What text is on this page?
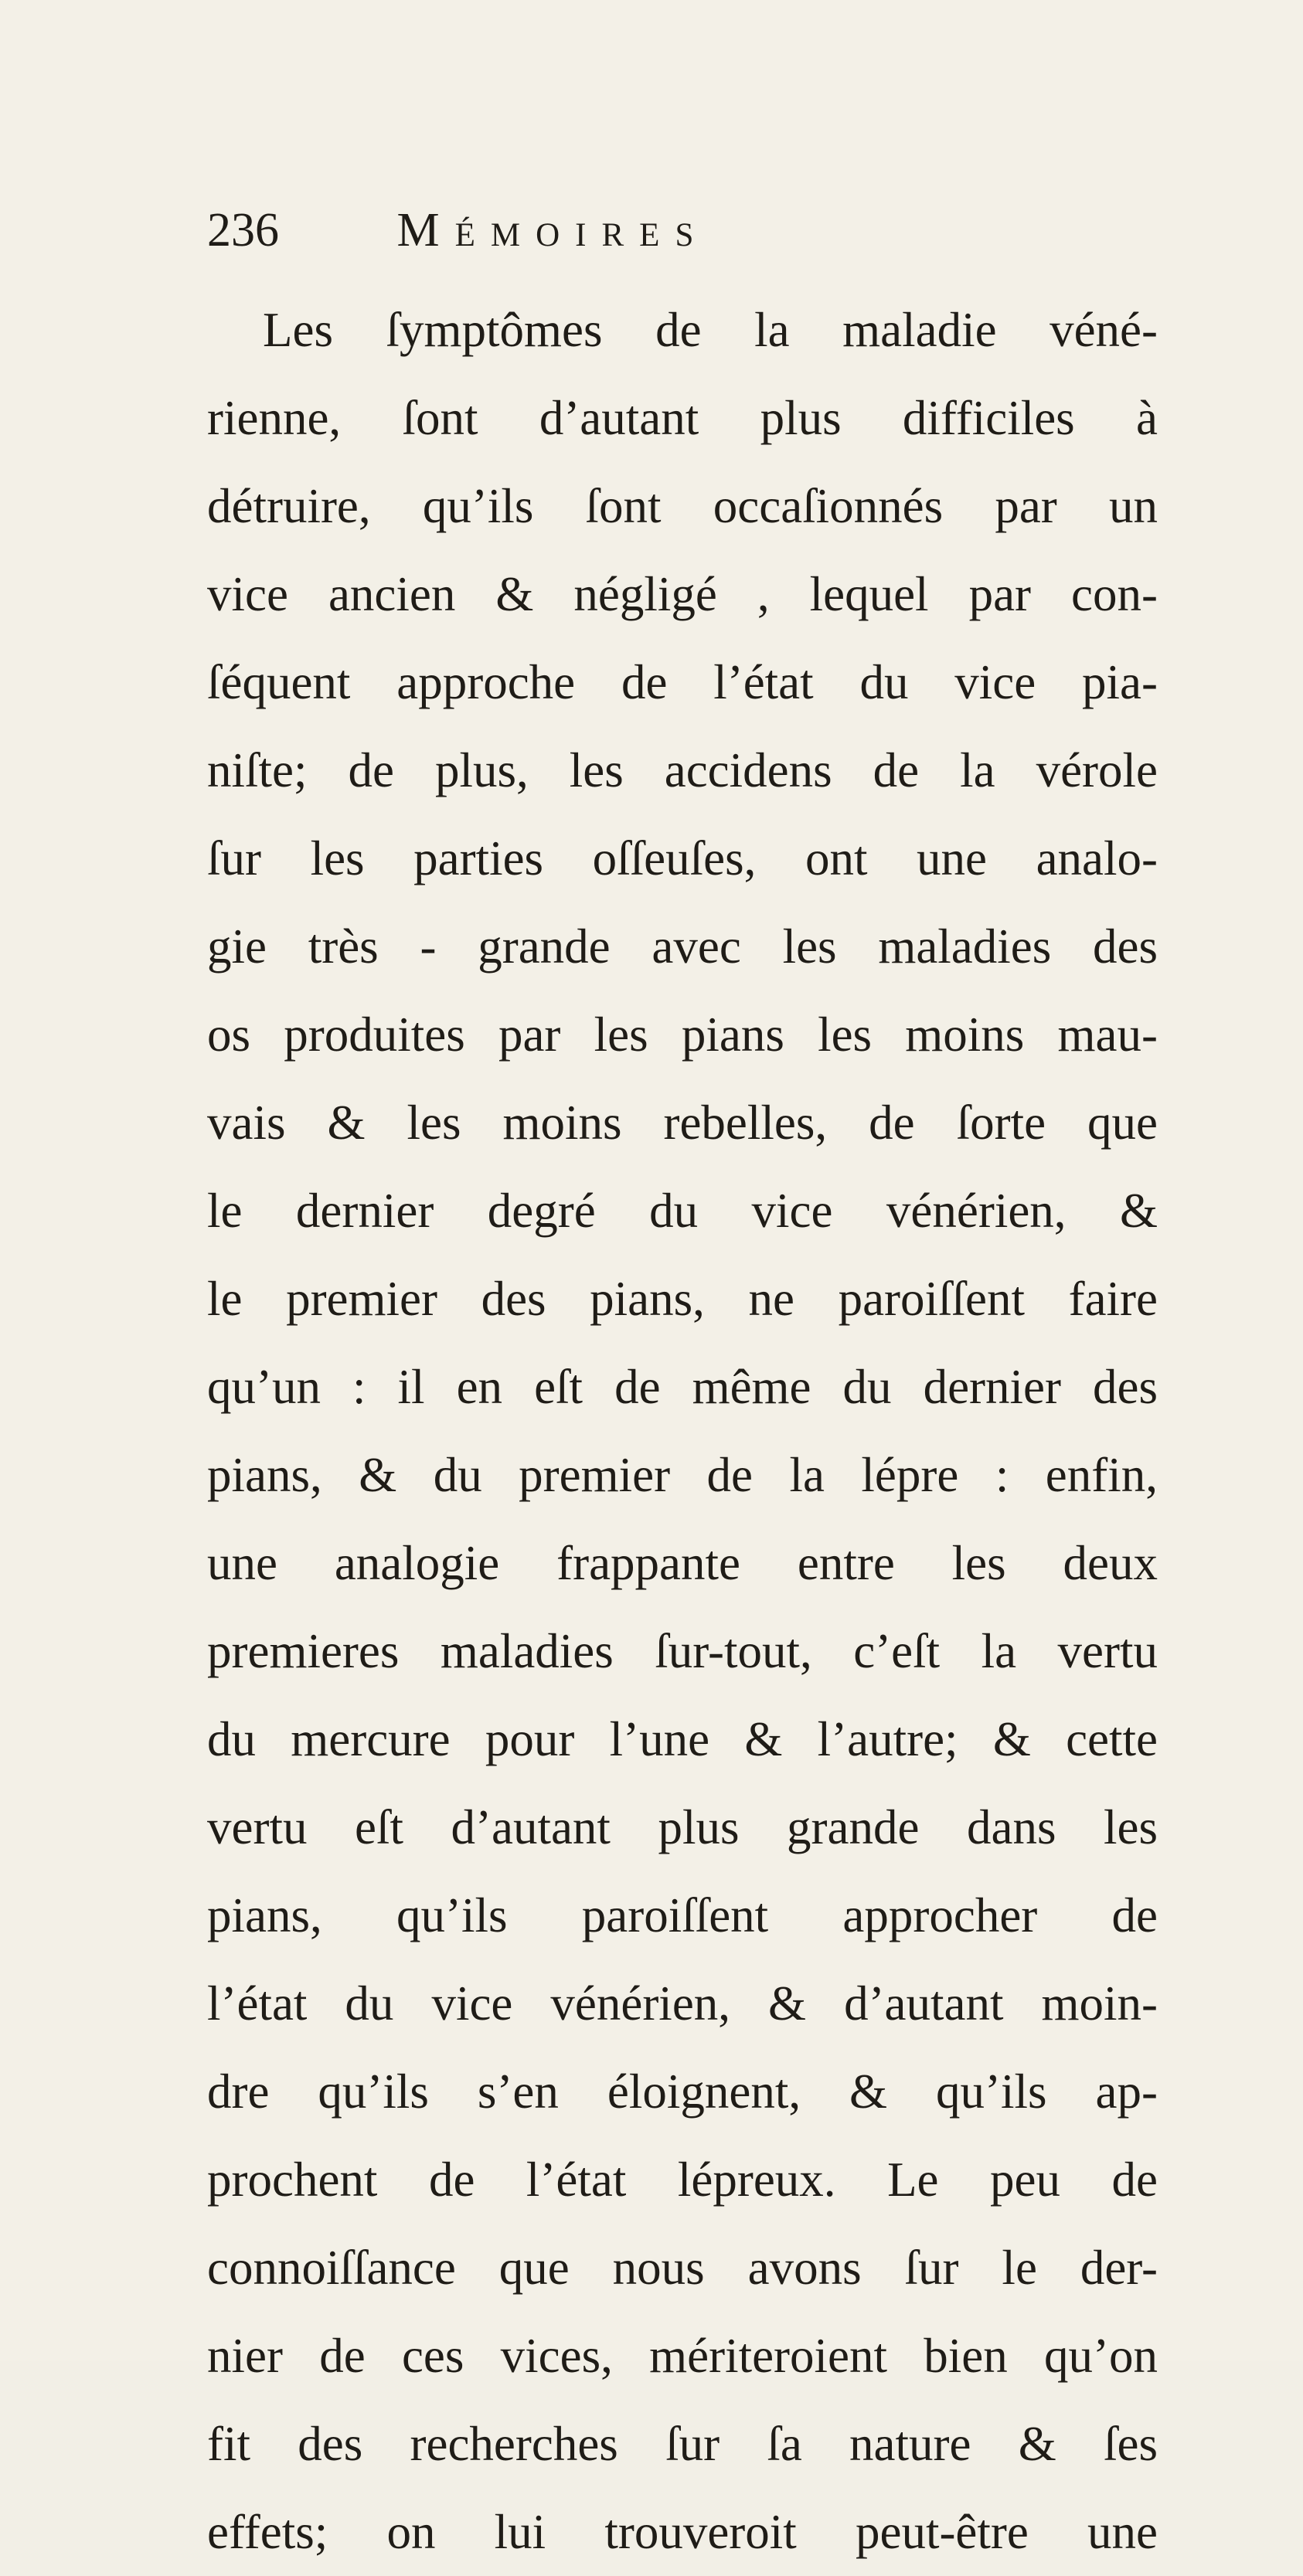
236 Mémoires
Les ſymptômes de la maladie véné-
rienne, ſont d’autant plus difficiles à
détruire, qu’ils ſont occaſionnés par un
vice ancien & négligé , lequel par con-
ſéquent approche de l’état du vice pia-
niſte; de plus, les accidens de la vérole
ſur les parties oſſeuſes, ont une analo-
gie très - grande avec les maladies des
os produites par les pians les moins mau-
vais & les moins rebelles, de ſorte que
le dernier degré du vice vénérien, &
le premier des pians, ne paroiſſent faire
qu’un : il en eſt de même du dernier des
pians, & du premier de la lépre : enfin,
une analogie frappante entre les deux
premieres maladies ſur-tout, c’eſt la vertu
du mercure pour l’une & l’autre; & cette
vertu eſt d’autant plus grande dans les
pians, qu’ils paroiſſent approcher de
l’état du vice vénérien, & d’autant moin-
dre qu’ils s’en éloignent, & qu’ils ap-
prochent de l’état lépreux. Le peu de
connoiſſance que nous avons ſur le der-
nier de ces vices, mériteroient bien qu’on
fit des recherches ſur ſa nature & ſes
effets; on lui trouveroit peut-être une
